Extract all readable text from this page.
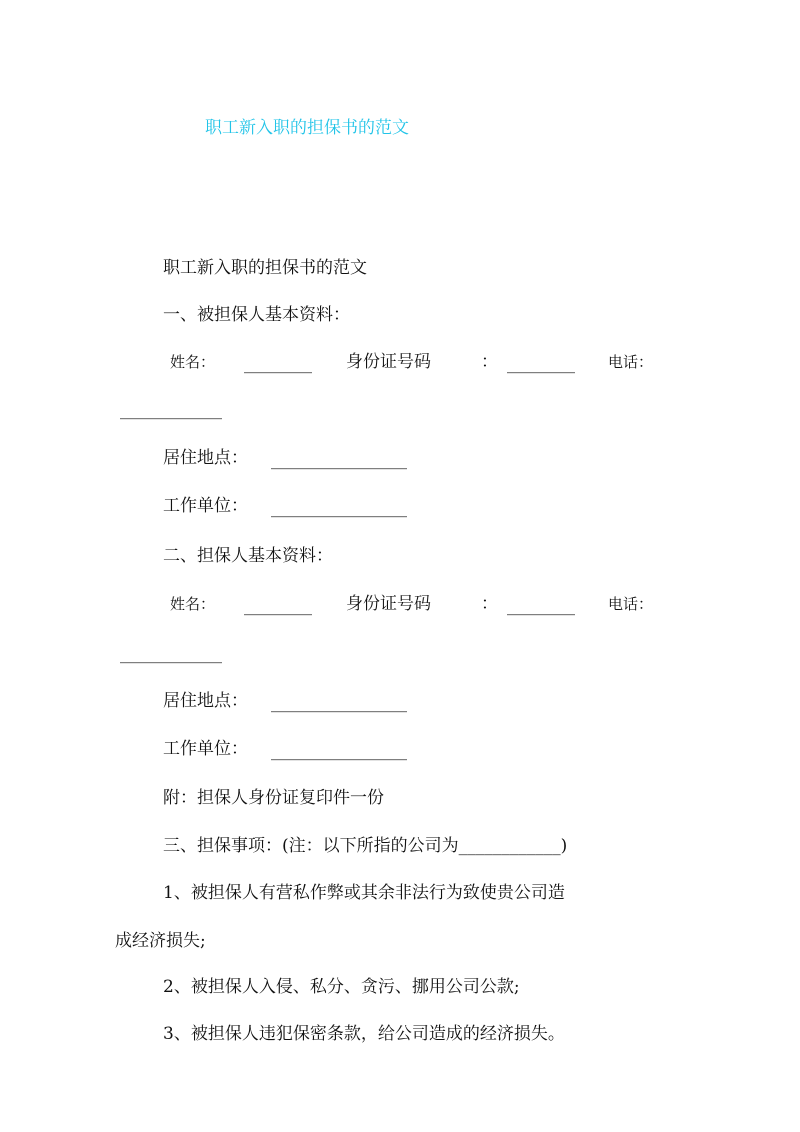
职工新入职的担保书的范文
职工新入职的担保书的范文
一、被担保人基本资料：
姓名： ________ 身份证号码	： ________ 电话：
____________
居住地点： ________________
工作单位： ________________
二、担保人基本资料：
姓名： ________ 身份证号码	： ________ 电话：
____________
居住地点： ________________
工作单位： ________________
附：担保人身份证复印件一份
三、担保事项：(注：以下所指的公司为____________)
1、被担保人有营私作弊或其余非法行为致使贵公司造
成经济损失;
2、被担保人入侵、私分、贪污、挪用公司公款;
3、被担保人违犯保密条款，给公司造成的经济损失。
